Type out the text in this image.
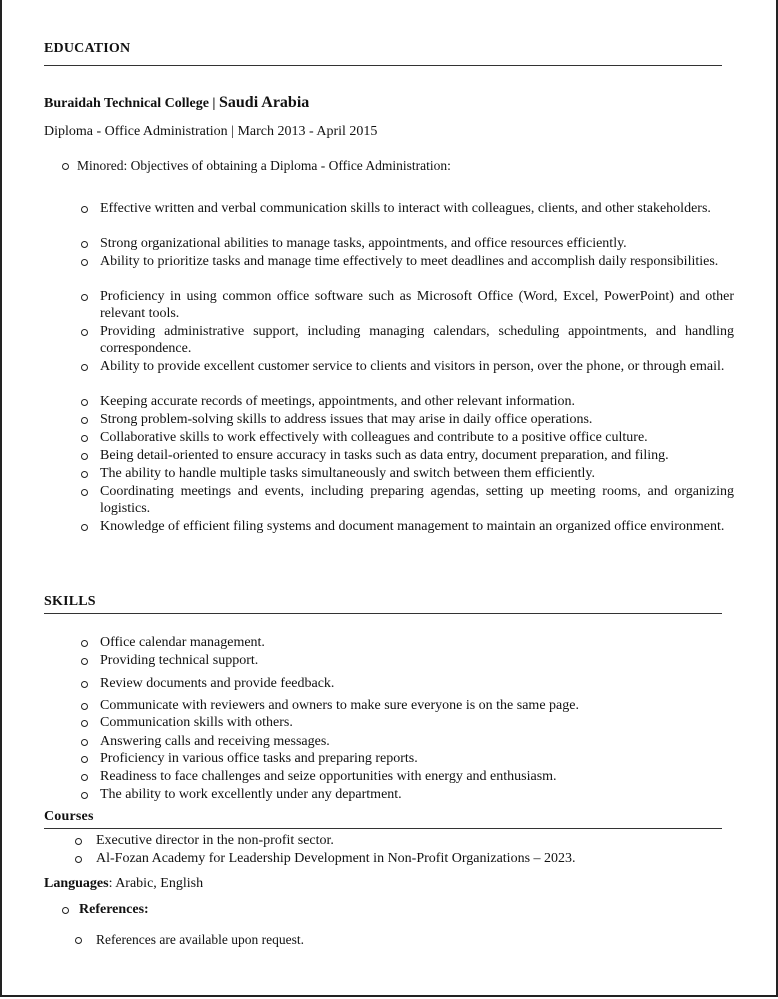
EDUCATION
Buraidah Technical College | Saudi Arabia
Diploma - Office Administration | March 2013 - April 2015
Minored: Objectives of obtaining a Diploma - Office Administration:
Effective written and verbal communication skills to interact with colleagues, clients, and other stakeholders.
Strong organizational abilities to manage tasks, appointments, and office resources efficiently.
Ability to prioritize tasks and manage time effectively to meet deadlines and accomplish daily responsibilities.
Proficiency in using common office software such as Microsoft Office (Word, Excel, PowerPoint) and other relevant tools.
Providing administrative support, including managing calendars, scheduling appointments, and handling correspondence.
Ability to provide excellent customer service to clients and visitors in person, over the phone, or through email.
Keeping accurate records of meetings, appointments, and other relevant information.
Strong problem-solving skills to address issues that may arise in daily office operations.
Collaborative skills to work effectively with colleagues and contribute to a positive office culture.
Being detail-oriented to ensure accuracy in tasks such as data entry, document preparation, and filing.
The ability to handle multiple tasks simultaneously and switch between them efficiently.
Coordinating meetings and events, including preparing agendas, setting up meeting rooms, and organizing logistics.
Knowledge of efficient filing systems and document management to maintain an organized office environment.
SKILLS
Office calendar management.
Providing technical support.
Review documents and provide feedback.
Communicate with reviewers and owners to make sure everyone is on the same page.
Communication skills with others.
Answering calls and receiving messages.
Proficiency in various office tasks and preparing reports.
Readiness to face challenges and seize opportunities with energy and enthusiasm.
The ability to work excellently under any department.
Courses
Executive director in the non-profit sector.
Al-Fozan Academy for Leadership Development in Non-Profit Organizations – 2023.
Languages: Arabic, English
References:
References are available upon request.
